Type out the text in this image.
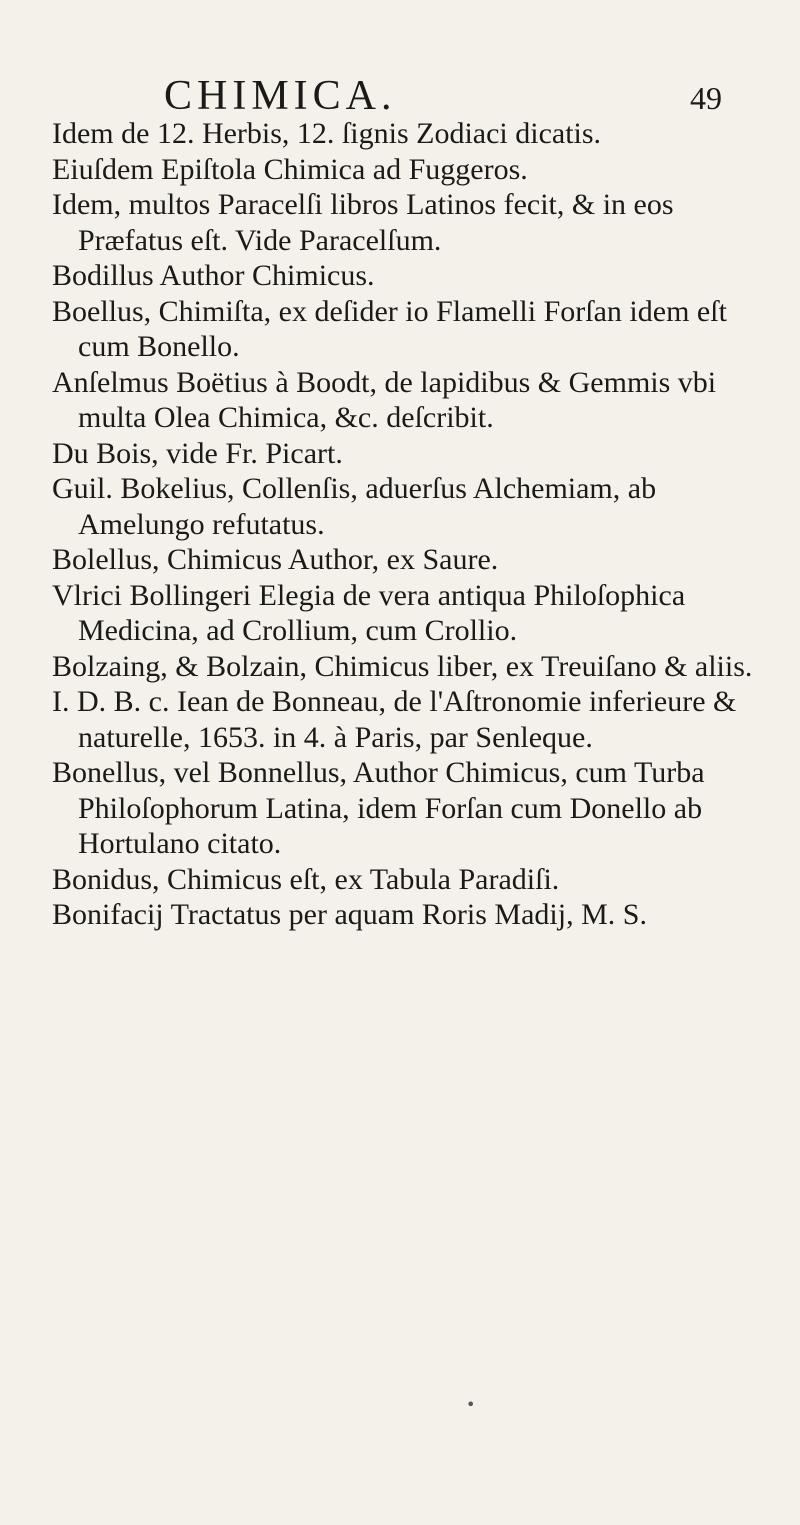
CHIMICA.	49

Idem de 12. Herbis, 12. ſignis Zodiaci dicatis.

Eiuſdem Epiſtola Chimica ad Fuggeros.

Idem, multos Paracelſi libros Latinos fecit, & in eos Præfatus eſt. Vide Paracelſum.

Bodillus Author Chimicus.

Boellus, Chimiſta, ex deſider io Flamelli Forſan idem eſt cum Bonello.

Anſelmus Boëtius à Boodt, de lapidibus & Gemmis vbi multa Olea Chimica, &c. deſcribit.

Du Bois, vide Fr. Picart.

Guil. Bokelius, Collenſis, aduerſus Alchemiam, ab Amelungo refutatus.

Bolellus, Chimicus Author, ex Saure.

Vlrici Bollingeri Elegia de vera antiqua Philoſophica Medicina, ad Crollium, cum Crollio.

Bolzaing, & Bolzain, Chimicus liber, ex Treuiſano & aliis.

I. D. B. c. Iean de Bonneau, de l'Aſtronomie inferieure & naturelle, 1653. in 4. à Paris, par Senleque.

Bonellus, vel Bonnellus, Author Chimicus, cum Turba Philoſophorum Latina, idem Forſan cum Donello ab Hortulano citato.

Bonidus, Chimicus eſt, ex Tabula Paradiſi.

Bonifacij Tractatus per aquam Roris Madij, M. S.

•
